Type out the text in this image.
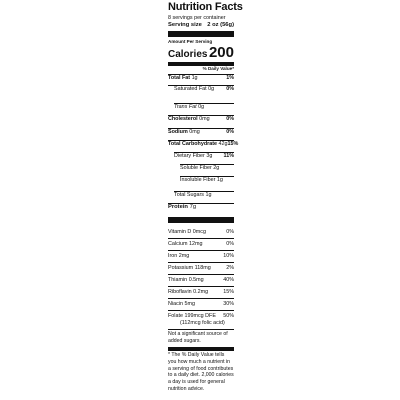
Nutrition Facts
8 servings per container
Serving size 2 oz (56g)
Amount Per Serving
Calories 200
% Daily Value*
Total Fat 1g	1%
Saturated Fat 0g 0%
Trans Fat 0g
Cholesterol 0mg	0%
Sodium 0mg	0%
Total Carbohydrate 42g 15%
Dietary Fiber 3g 11%
Soluble Fiber 2g
Insoluble Fiber 1g
Total Sugars 1g
Protein 7g
Vitamin D 0mcg	0%
Calcium 12mg	0%
Iron 2mg	10%
Potassium 118mg	2%
Thiamin 0.5mg	40%
Riboflavin 0.2mg	15%
Niacin 5mg	30%
Folate 199mcg DFE 50%
(112mcg folic acid)
Not a significant source of added sugars.
* The % Daily Value tells you how much a nutrient in a serving of food contributes to a daily diet. 2,000 calories a day is used for general nutrition advice.
